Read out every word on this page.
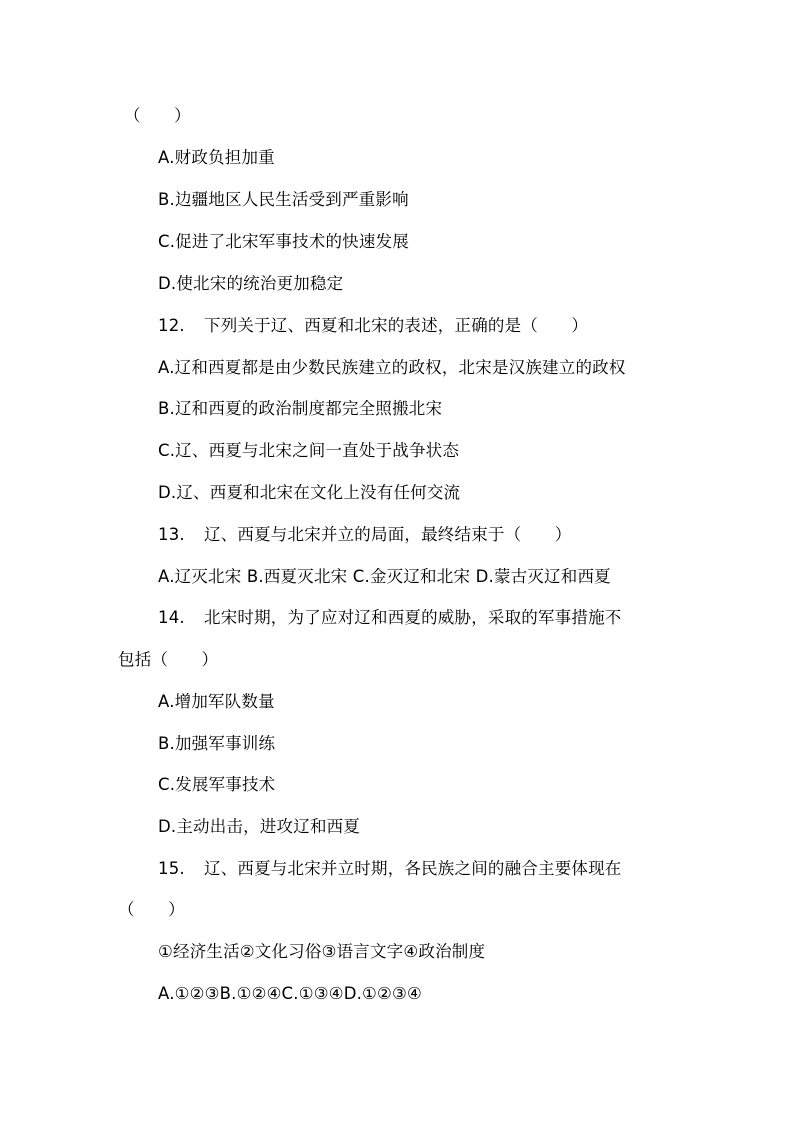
（　　）
A.财政负担加重
B.边疆地区人民生活受到严重影响
C.促进了北宋军事技术的快速发展
D.使北宋的统治更加稳定
12. 下列关于辽、西夏和北宋的表述，正确的是（　　）
A.辽和西夏都是由少数民族建立的政权，北宋是汉族建立的政权
B.辽和西夏的政治制度都完全照搬北宋
C.辽、西夏与北宋之间一直处于战争状态
D.辽、西夏和北宋在文化上没有任何交流
13. 辽、西夏与北宋并立的局面，最终结束于（　　）
A.辽灭北宋 B.西夏灭北宋 C.金灭辽和北宋 D.蒙古灭辽和西夏
14. 北宋时期，为了应对辽和西夏的威胁，采取的军事措施不
包括（　　）
A.增加军队数量
B.加强军事训练
C.发展军事技术
D.主动出击，进攻辽和西夏
15. 辽、西夏与北宋并立时期，各民族之间的融合主要体现在
（　　）
①经济生活②文化习俗③语言文字④政治制度
A.①②③B.①②④C.①③④D.①②③④
